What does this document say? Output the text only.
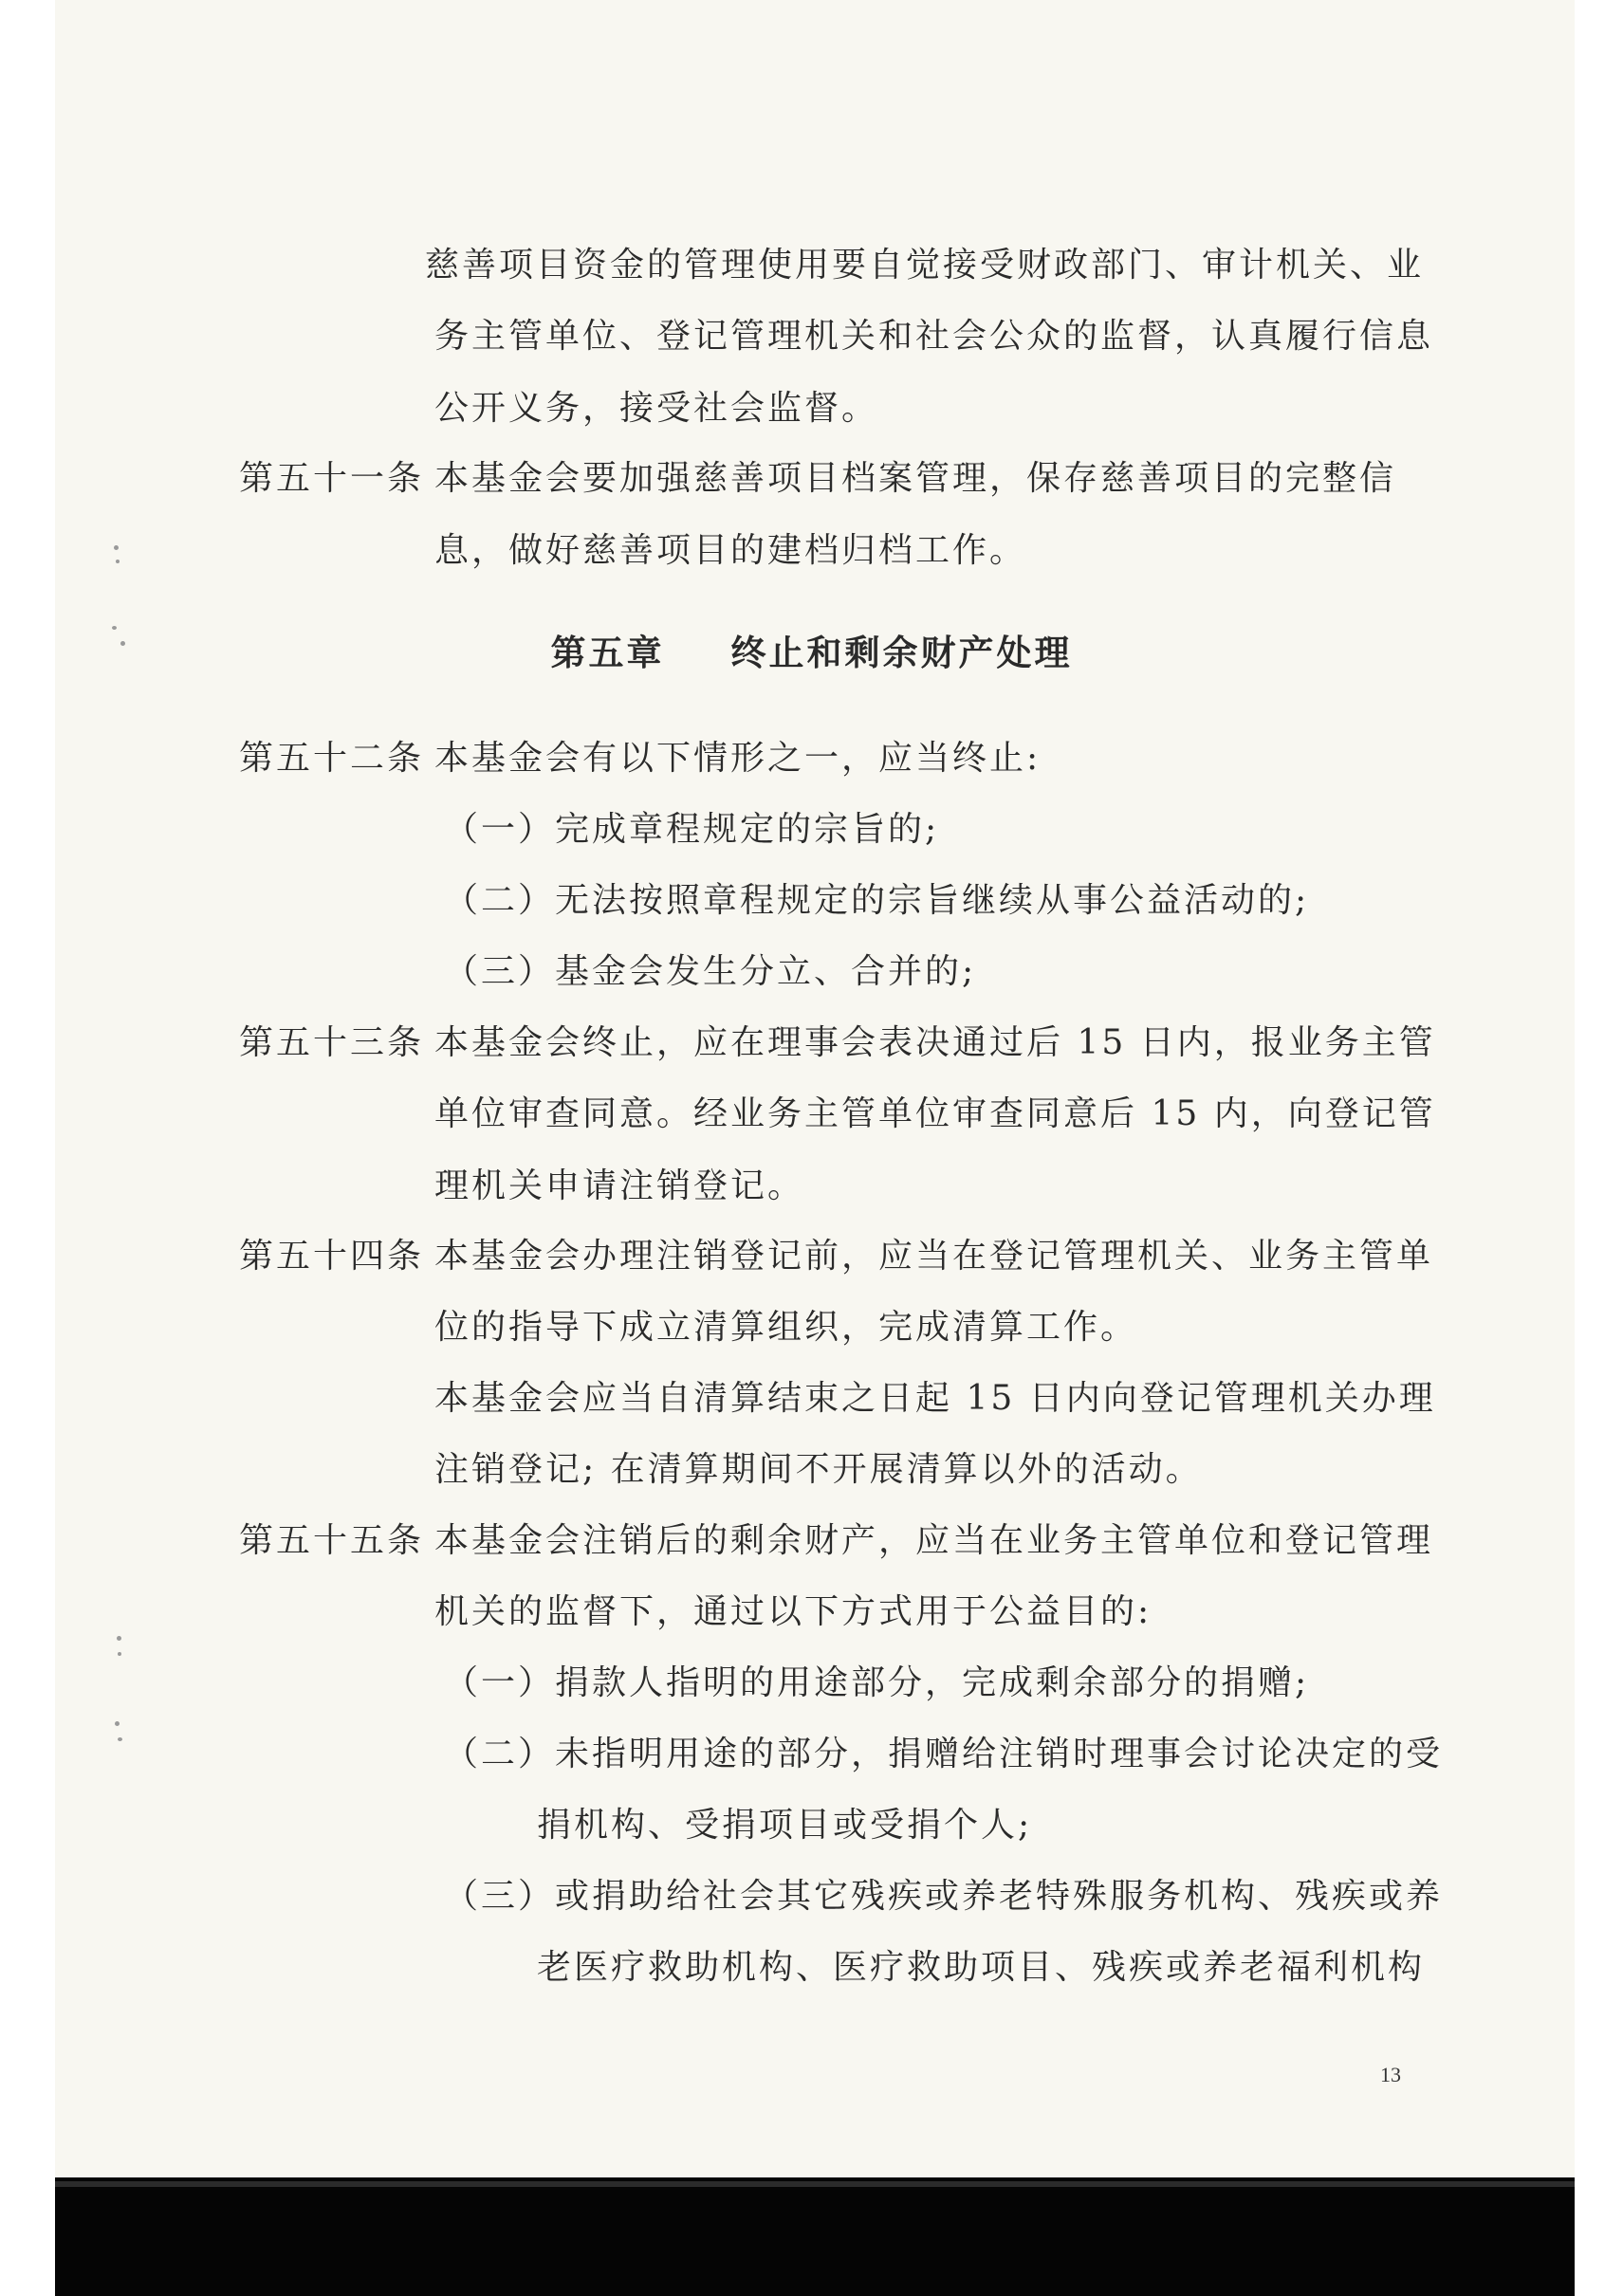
慈善项目资金的管理使用要自觉接受财政部门、审计机关、业
务主管单位、登记管理机关和社会公众的监督，认真履行信息
公开义务，接受社会监督。
第五十一条 本基金会要加强慈善项目档案管理，保存慈善项目的完整信
息，做好慈善项目的建档归档工作。
第五章 终止和剩余财产处理
第五十二条 本基金会有以下情形之一，应当终止:
（一）完成章程规定的宗旨的;
（二）无法按照章程规定的宗旨继续从事公益活动的;
（三）基金会发生分立、合并的;
第五十三条 本基金会终止，应在理事会表决通过后 15 日内，报业务主管
单位审查同意。经业务主管单位审查同意后 15 内，向登记管
理机关申请注销登记。
第五十四条 本基金会办理注销登记前，应当在登记管理机关、业务主管单
位的指导下成立清算组织，完成清算工作。
本基金会应当自清算结束之日起 15 日内向登记管理机关办理
注销登记; 在清算期间不开展清算以外的活动。
第五十五条 本基金会注销后的剩余财产，应当在业务主管单位和登记管理
机关的监督下，通过以下方式用于公益目的:
（一）捐款人指明的用途部分，完成剩余部分的捐赠;
（二）未指明用途的部分，捐赠给注销时理事会讨论决定的受
捐机构、受捐项目或受捐个人;
（三）或捐助给社会其它残疾或养老特殊服务机构、残疾或养
老医疗救助机构、医疗救助项目、残疾或养老福利机构
13
